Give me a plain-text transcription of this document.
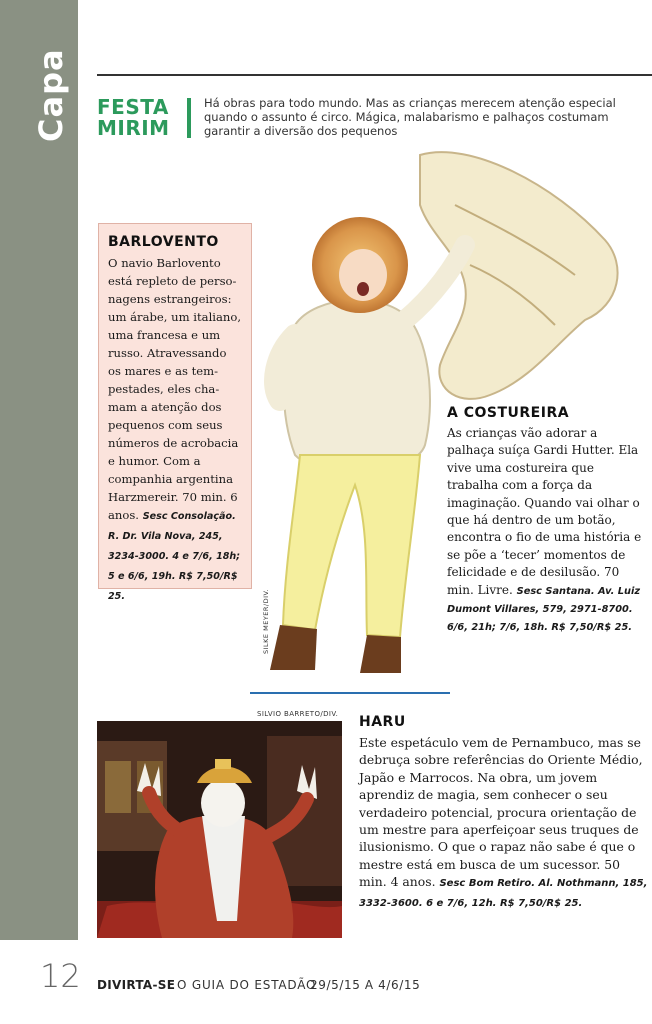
Capa FESTA
MIRIM
Há obras para todo mundo. Mas as crianças merecem atenção especial quando o assunto é circo. Mágica, malabarismo e palhaços costumam garantir a diversão dos pequenos
BARLOVENTO
O navio Barlovento está repleto de personagens estrangeiros: um árabe, um italiano, uma francesa e um russo. Atravessando os mares e as tempestades, eles chamam a atenção dos pequenos com seus números de acrobacia e humor. Com a companhia argentina Harzmereir. 70 min. 6 anos. Sesc Consolação. R. Dr. Vila Nova, 245, 3234-3000. 4 e 7/6, 18h; 5 e 6/6, 19h. R$ 7,50/R$ 25.	SILKE MEYER/DIV.
A COSTUREIRA
As crianças vão adorar a palhaça suíça Gardi Hutter. Ela vive uma costureira que trabalha com a força da imaginação. Quando vai olhar o que há dentro de um botão, encontra o fio de uma história e se põe a ‘tecer’ momentos de felicidade e de desilusão. 70 min. Livre. Sesc Santana. Av. Luiz Dumont Villares, 579, 2971-8700. 6/6, 21h; 7/6, 18h. R$ 7,50/R$ 25.
SILVIO BARRETO/DIV. HARU
Este espetáculo vem de Pernambuco, mas se debruça sobre referências do Oriente Médio, Japão e Marrocos. Na obra, um jovem aprendiz de magia, sem conhecer o seu verdadeiro potencial, procura orientação de um mestre para aperfeiçoar seus truques de ilusionismo. O que o rapaz não sabe é que o mestre está em busca de um sucessor. 50 min. 4 anos. Sesc Bom Retiro. Al. Nothmann, 185, 3332-3600. 6 e 7/6, 12h. R$ 7,50/R$ 25.
12 DIVIRTA-SE O GUIA DO ESTADÃO
29/5/15 A 4/6/15
